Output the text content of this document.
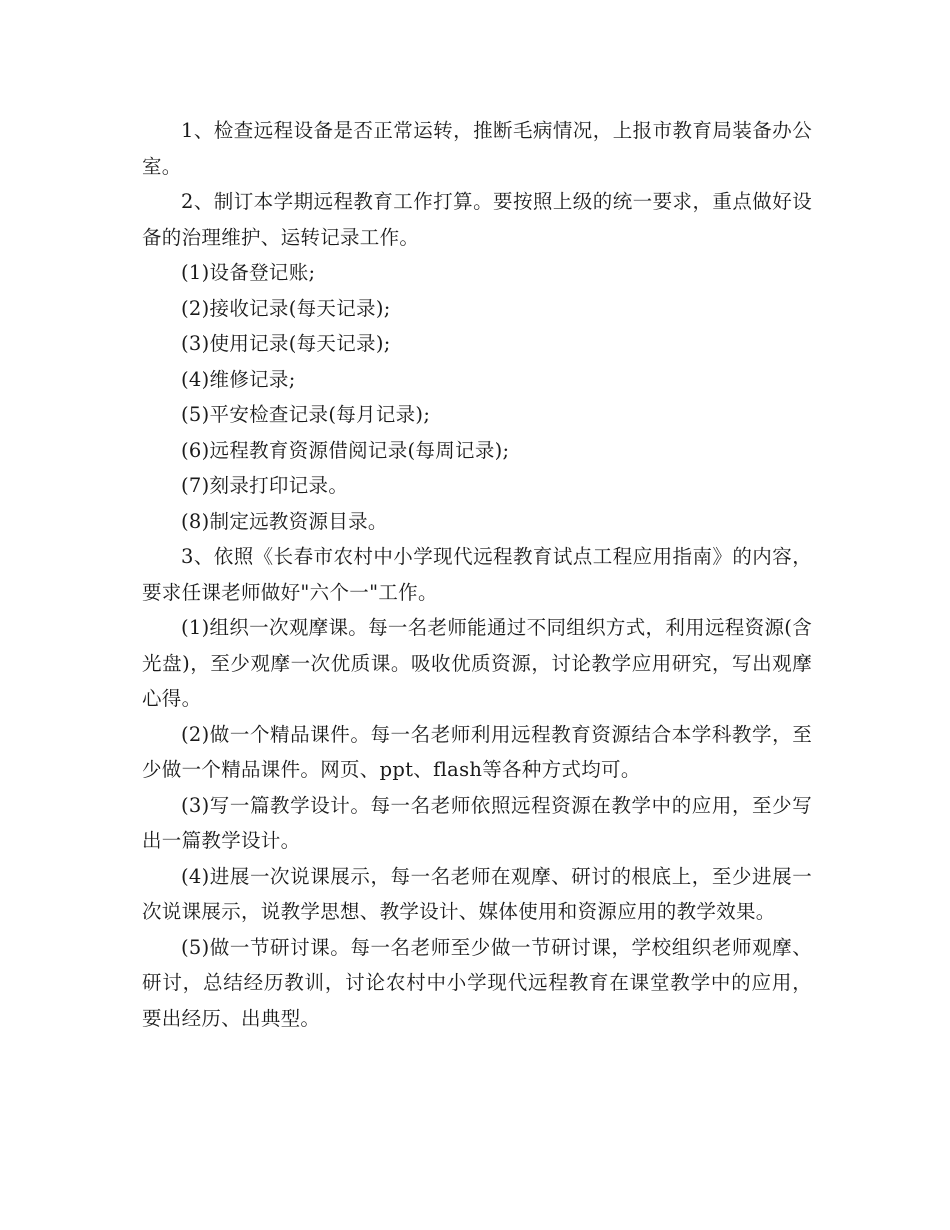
1、检查远程设备是否正常运转，推断毛病情况，上报市教育局装备办公室。

2、制订本学期远程教育工作打算。要按照上级的统一要求，重点做好设备的治理维护、运转记录工作。

(1)设备登记账;

(2)接收记录(每天记录);

(3)使用记录(每天记录);

(4)维修记录;

(5)平安检查记录(每月记录);

(6)远程教育资源借阅记录(每周记录);

(7)刻录打印记录。

(8)制定远教资源目录。

3、依照《长春市农村中小学现代远程教育试点工程应用指南》的内容，要求任课老师做好"六个一"工作。

(1)组织一次观摩课。每一名老师能通过不同组织方式，利用远程资源(含光盘)，至少观摩一次优质课。吸收优质资源，讨论教学应用研究，写出观摩心得。

(2)做一个精品课件。每一名老师利用远程教育资源结合本学科教学，至少做一个精品课件。网页、ppt、flash等各种方式均可。

(3)写一篇教学设计。每一名老师依照远程资源在教学中的应用，至少写出一篇教学设计。

(4)进展一次说课展示，每一名老师在观摩、研讨的根底上，至少进展一次说课展示，说教学思想、教学设计、媒体使用和资源应用的教学效果。

(5)做一节研讨课。每一名老师至少做一节研讨课，学校组织老师观摩、研讨，总结经历教训，讨论农村中小学现代远程教育在课堂教学中的应用，要出经历、出典型。
